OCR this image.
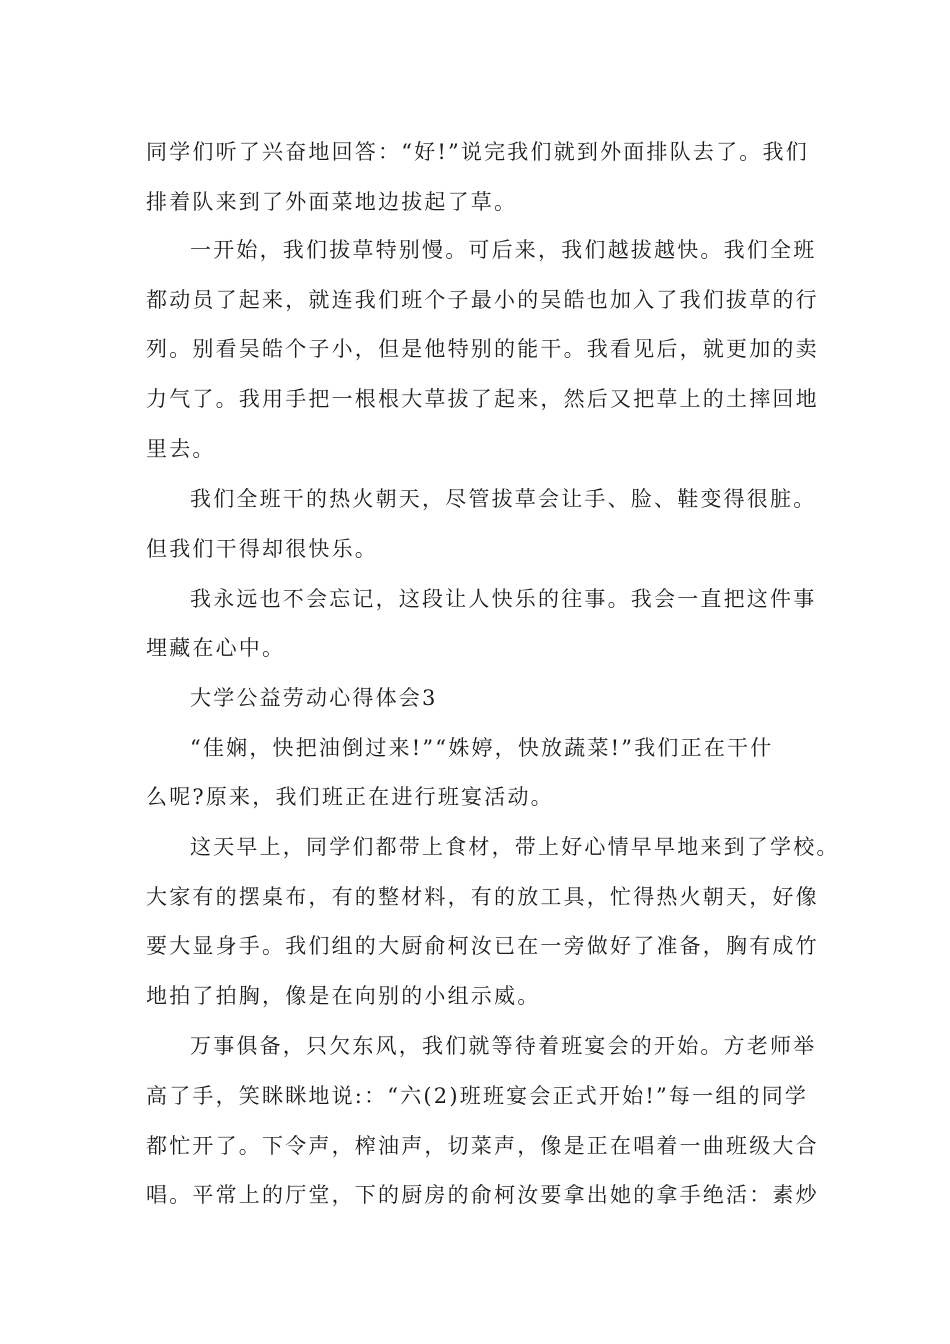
同学们听了兴奋地回答：“好!”说完我们就到外面排队去了。我们
排着队来到了外面菜地边拔起了草。
一开始，我们拔草特别慢。可后来，我们越拔越快。我们全班
都动员了起来，就连我们班个子最小的吴皓也加入了我们拔草的行
列。别看吴皓个子小，但是他特别的能干。我看见后，就更加的卖
力气了。我用手把一根根大草拔了起来，然后又把草上的土摔回地
里去。
我们全班干的热火朝天，尽管拔草会让手、脸、鞋变得很脏。
但我们干得却很快乐。
我永远也不会忘记，这段让人快乐的往事。我会一直把这件事
埋藏在心中。
大学公益劳动心得体会3
“佳娴，快把油倒过来!”“姝婷，快放蔬菜!”我们正在干什
么呢?原来，我们班正在进行班宴活动。
这天早上，同学们都带上食材，带上好心情早早地来到了学校。
大家有的摆桌布，有的整材料，有的放工具，忙得热火朝天，好像
要大显身手。我们组的大厨俞柯汝已在一旁做好了准备，胸有成竹
地拍了拍胸，像是在向别的小组示威。
万事俱备，只欠东风，我们就等待着班宴会的开始。方老师举
高了手，笑眯眯地说:：“六(2)班班宴会正式开始!”每一组的同学
都忙开了。下令声，榨油声，切菜声，像是正在唱着一曲班级大合
唱。平常上的厅堂，下的厨房的俞柯汝要拿出她的拿手绝活：素炒
